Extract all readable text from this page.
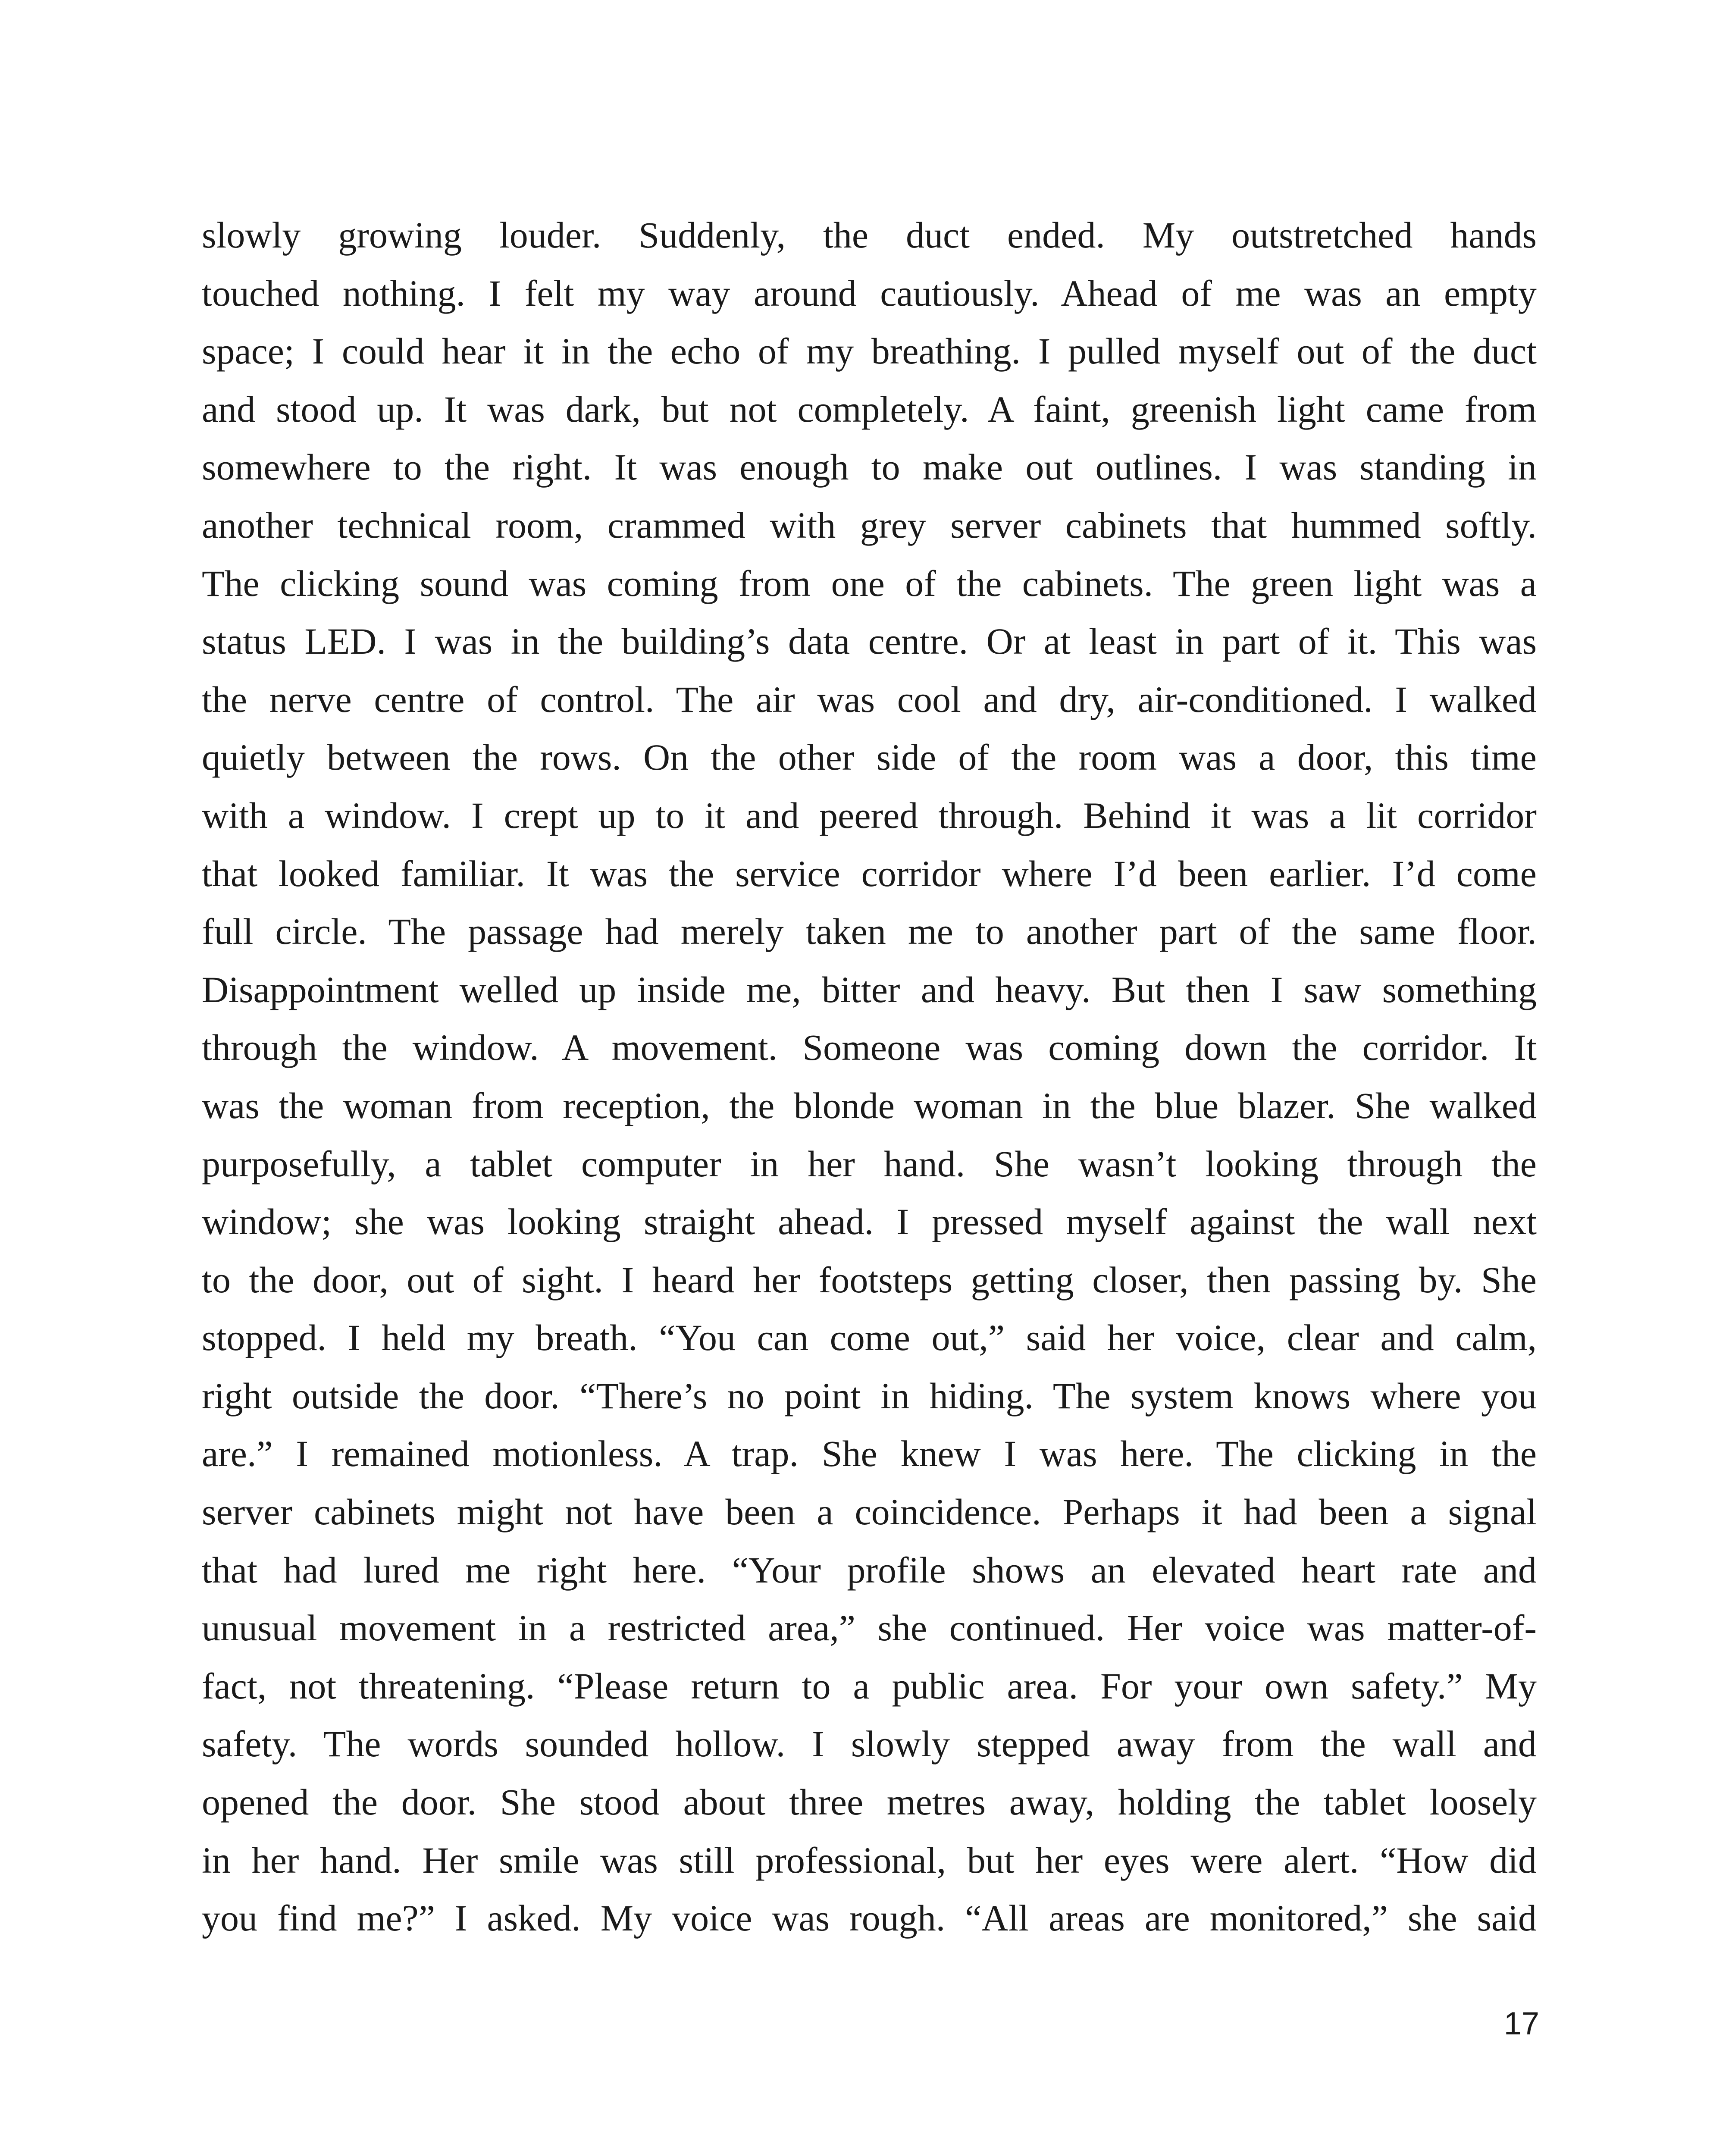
slowly growing louder. Suddenly, the duct ended. My outstretched hands
touched nothing. I felt my way around cautiously. Ahead of me was an empty
space; I could hear it in the echo of my breathing. I pulled myself out of the duct
and stood up. It was dark, but not completely. A faint, greenish light came from
somewhere to the right. It was enough to make out outlines. I was standing in
another technical room, crammed with grey server cabinets that hummed softly.
The clicking sound was coming from one of the cabinets. The green light was a
status LED. I was in the building’s data centre. Or at least in part of it. This was
the nerve centre of control. The air was cool and dry, air-conditioned. I walked
quietly between the rows. On the other side of the room was a door, this time
with a window. I crept up to it and peered through. Behind it was a lit corridor
that looked familiar. It was the service corridor where I’d been earlier. I’d come
full circle. The passage had merely taken me to another part of the same floor.
Disappointment welled up inside me, bitter and heavy. But then I saw something
through the window. A movement. Someone was coming down the corridor. It
was the woman from reception, the blonde woman in the blue blazer. She walked
purposefully, a tablet computer in her hand. She wasn’t looking through the
window; she was looking straight ahead. I pressed myself against the wall next
to the door, out of sight. I heard her footsteps getting closer, then passing by. She
stopped. I held my breath. “You can come out,” said her voice, clear and calm,
right outside the door. “There’s no point in hiding. The system knows where you
are.” I remained motionless. A trap. She knew I was here. The clicking in the
server cabinets might not have been a coincidence. Perhaps it had been a signal
that had lured me right here. “Your profile shows an elevated heart rate and
unusual movement in a restricted area,” she continued. Her voice was matter-of-
fact, not threatening. “Please return to a public area. For your own safety.” My
safety. The words sounded hollow. I slowly stepped away from the wall and
opened the door. She stood about three metres away, holding the tablet loosely
in her hand. Her smile was still professional, but her eyes were alert. “How did
you find me?” I asked. My voice was rough. “All areas are monitored,” she said
17
